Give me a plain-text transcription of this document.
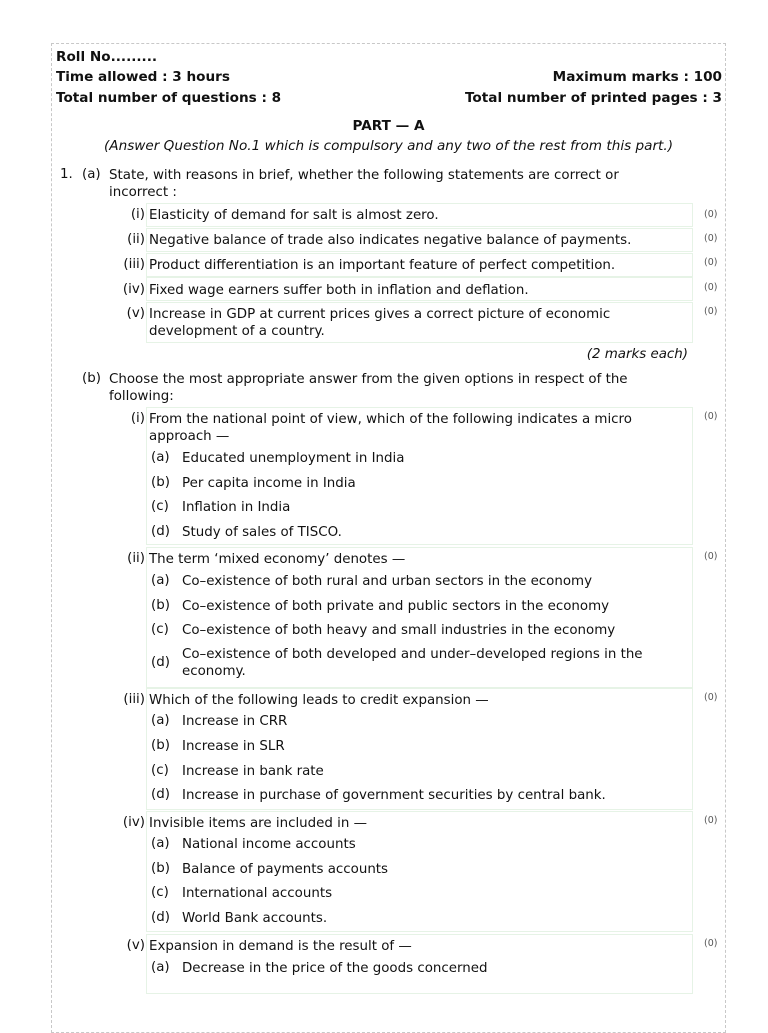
Roll No.........
Time allowed : 3 hours	Maximum marks : 100
Total number of questions : 8	Total number of printed pages : 3
PART — A
(Answer Question No.1 which is compulsory and any two of the rest from this part.)
1. (a) State, with reasons in brief, whether the following statements are correct or incorrect :
(i) Elasticity of demand for salt is almost zero.	(0)
(ii) Negative balance of trade also indicates negative balance of payments.	(0)
(iii) Product differentiation is an important feature of perfect competition.	(0)
(iv) Fixed wage earners suffer both in inflation and deflation.	(0)
(v) Increase in GDP at current prices gives a correct picture of economic development of a country.
(0)
(2 marks each)
(b) Choose the most appropriate answer from the given options in respect of the following:
(i) From the national point of view, which of the following indicates a micro approach —
(0)
(a) Educated unemployment in India
(b) Per capita income in India
(c) Inflation in India
(d) Study of sales of TISCO.
(ii) The term ‘mixed economy’ denotes —	(0)
(a) Co–existence of both rural and urban sectors in the economy
(b) Co–existence of both private and public sectors in the economy
(c) Co–existence of both heavy and small industries in the economy
(d)
Co–existence of both developed and under–developed regions in the economy.
(iii) Which of the following leads to credit expansion —	(0)
(a) Increase in CRR
(b) Increase in SLR
(c) Increase in bank rate
(d) Increase in purchase of government securities by central bank.
(iv) Invisible items are included in —	(0)
(a) National income accounts
(b) Balance of payments accounts
(c) International accounts
(d) World Bank accounts.
(v) Expansion in demand is the result of —	(0)
(a) Decrease in the price of the goods concerned
